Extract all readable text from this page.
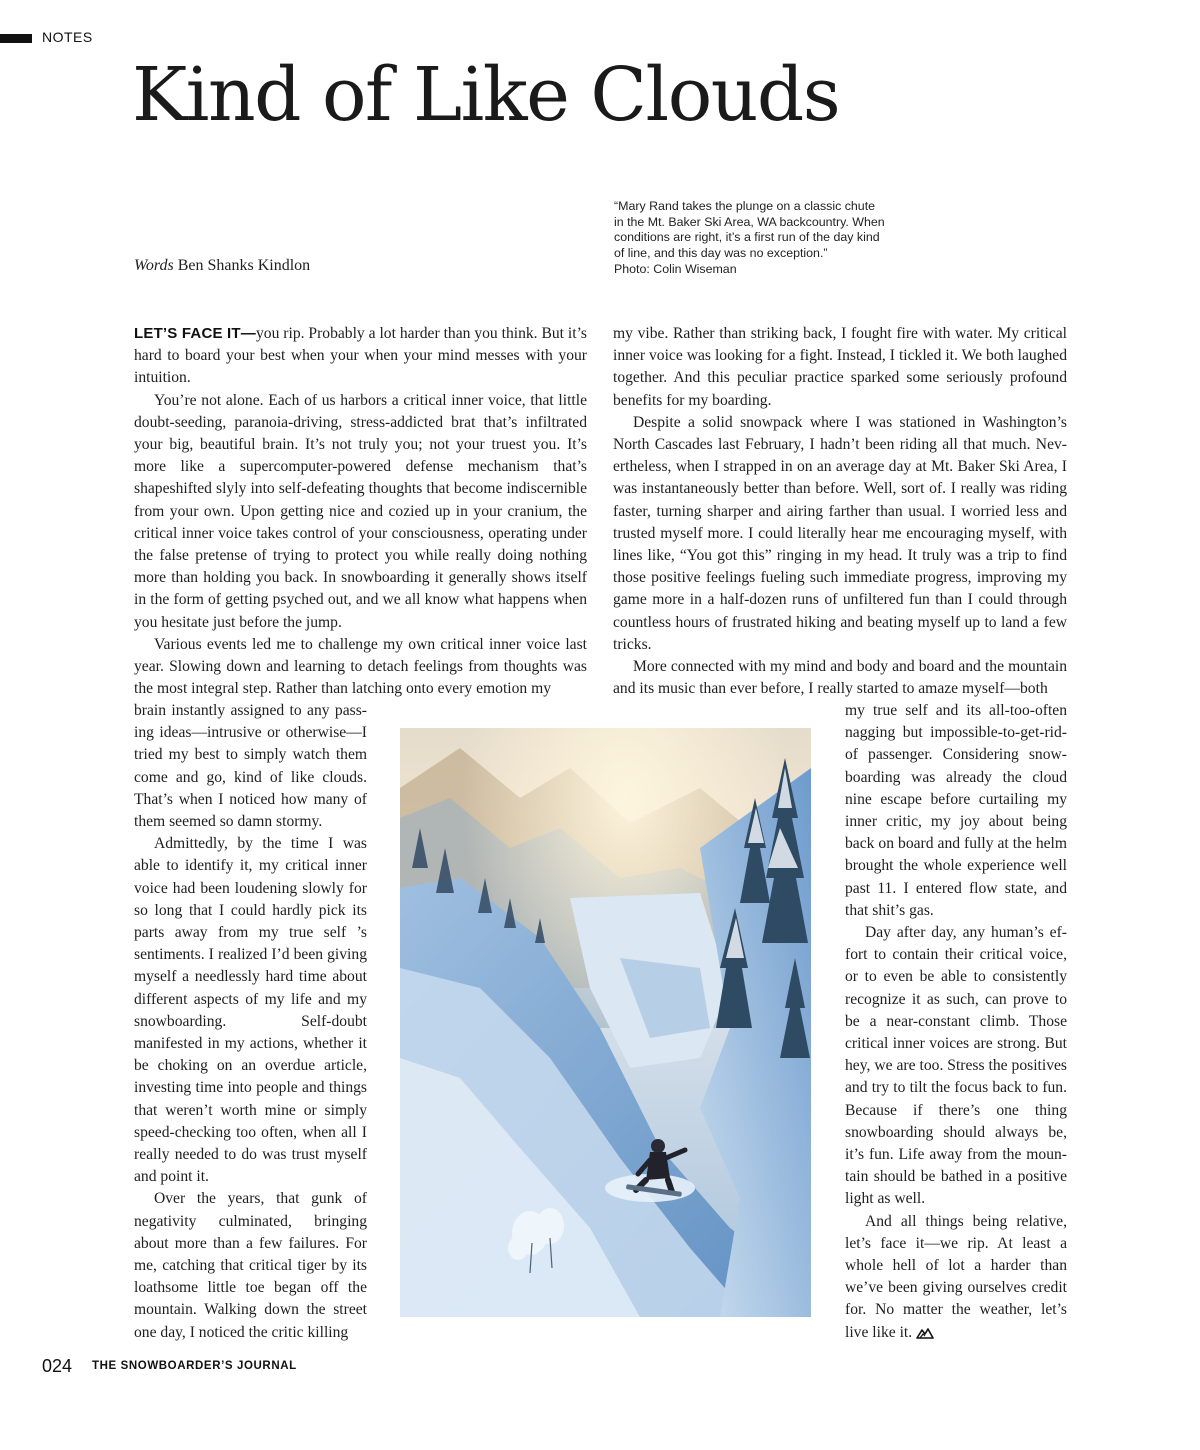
NOTES
Kind of Like Clouds
Words Ben Shanks Kindlon
“Mary Rand takes the plunge on a classic chute
in the Mt. Baker Ski Area, WA backcountry. When
conditions are right, it’s a first run of the day kind
of line, and this day was no exception.”
Photo: Colin Wiseman

LET’S FACE IT—you rip. Probably a lot harder than you think. But it’s hard to board your best when your when your mind messes with your intuition.

You’re not alone. Each of us harbors a critical inner voice, that little doubt-seeding, paranoia-driving, stress-addicted brat that’s infiltrated your big, beautiful brain. It’s not truly you; not your truest you. It’s more like a supercomputer-powered defense mechanism that’s shapeshifted slyly into self-defeating thoughts that become indiscernible from your own. Upon getting nice and cozied up in your cranium, the critical inner voice takes control of your consciousness, operating under the false pretense of trying to protect you while really doing nothing more than holding you back. In snowboarding it generally shows itself in the form of getting psyched out, and we all know what happens when you hesitate just before the jump.

Various events led me to challenge my own critical inner voice last year. Slowing down and learning to detach feelings from thoughts was the most integral step. Rather than latching onto every emotion my

brain instantly assigned to any passing ideas—intrusive or otherwise—I tried my best to simply watch them come and go, kind of like clouds. That’s when I noticed how many of them seemed so damn stormy.

Admittedly, by the time I was able to identify it, my critical inner voice had been loudening slowly for so long that I could hardly pick its parts away from my true self ’s sentiments. I realized I’d been giving myself a needlessly hard time about different aspects of my life and my snowboarding. Self-doubt manifested in my actions, whether it be choking on an overdue article, investing time into people and things that weren’t worth mine or simply speed-checking too often, when all I really needed to do was trust myself and point it.

Over the years, that gunk of negativity culminated, bringing about more than a few failures. For me, catching that critical tiger by its loathsome little toe began off the mountain. Walking down the street one day, I noticed the critic killing

my vibe. Rather than striking back, I fought fire with water. My critical inner voice was looking for a fight. Instead, I tickled it. We both laughed together. And this peculiar practice sparked some seriously profound benefits for my boarding.

Despite a solid snowpack where I was stationed in Washington’s North Cascades last February, I hadn’t been riding all that much. Nevertheless, when I strapped in on an average day at Mt. Baker Ski Area, I was instantaneously better than before. Well, sort of. I really was riding faster, turning sharper and airing farther than usual. I worried less and trusted myself more. I could literally hear me encouraging myself, with lines like, “You got this” ringing in my head. It truly was a trip to find those positive feelings fueling such immediate progress, improving my game more in a half-dozen runs of unfiltered fun than I could through countless hours of frustrated hiking and beating myself up to land a few tricks.

More connected with my mind and body and board and the mountain and its music than ever before, I really started to amaze myself—both

my true self and its all-too-often nagging but impossible-to-get-rid-of passenger. Considering snowboarding was already the cloud nine escape before curtailing my inner critic, my joy about being back on board and fully at the helm brought the whole experience well past 11. I entered flow state, and that shit’s gas.

Day after day, any human’s effort to contain their critical voice, or to even be able to consistently recognize it as such, can prove to be a near-constant climb. Those critical inner voices are strong. But hey, we are too. Stress the positives and try to tilt the focus back to fun. Because if there’s one thing snowboarding should always be, it’s fun. Life away from the mountain should be bathed in a positive light as well.

And all things being relative, let’s face it—we rip. At least a whole hell of lot a harder than we’ve been giving ourselves credit for. No matter the weather, let’s live like it.

024 THE SNOWBOARDER’S JOURNAL
